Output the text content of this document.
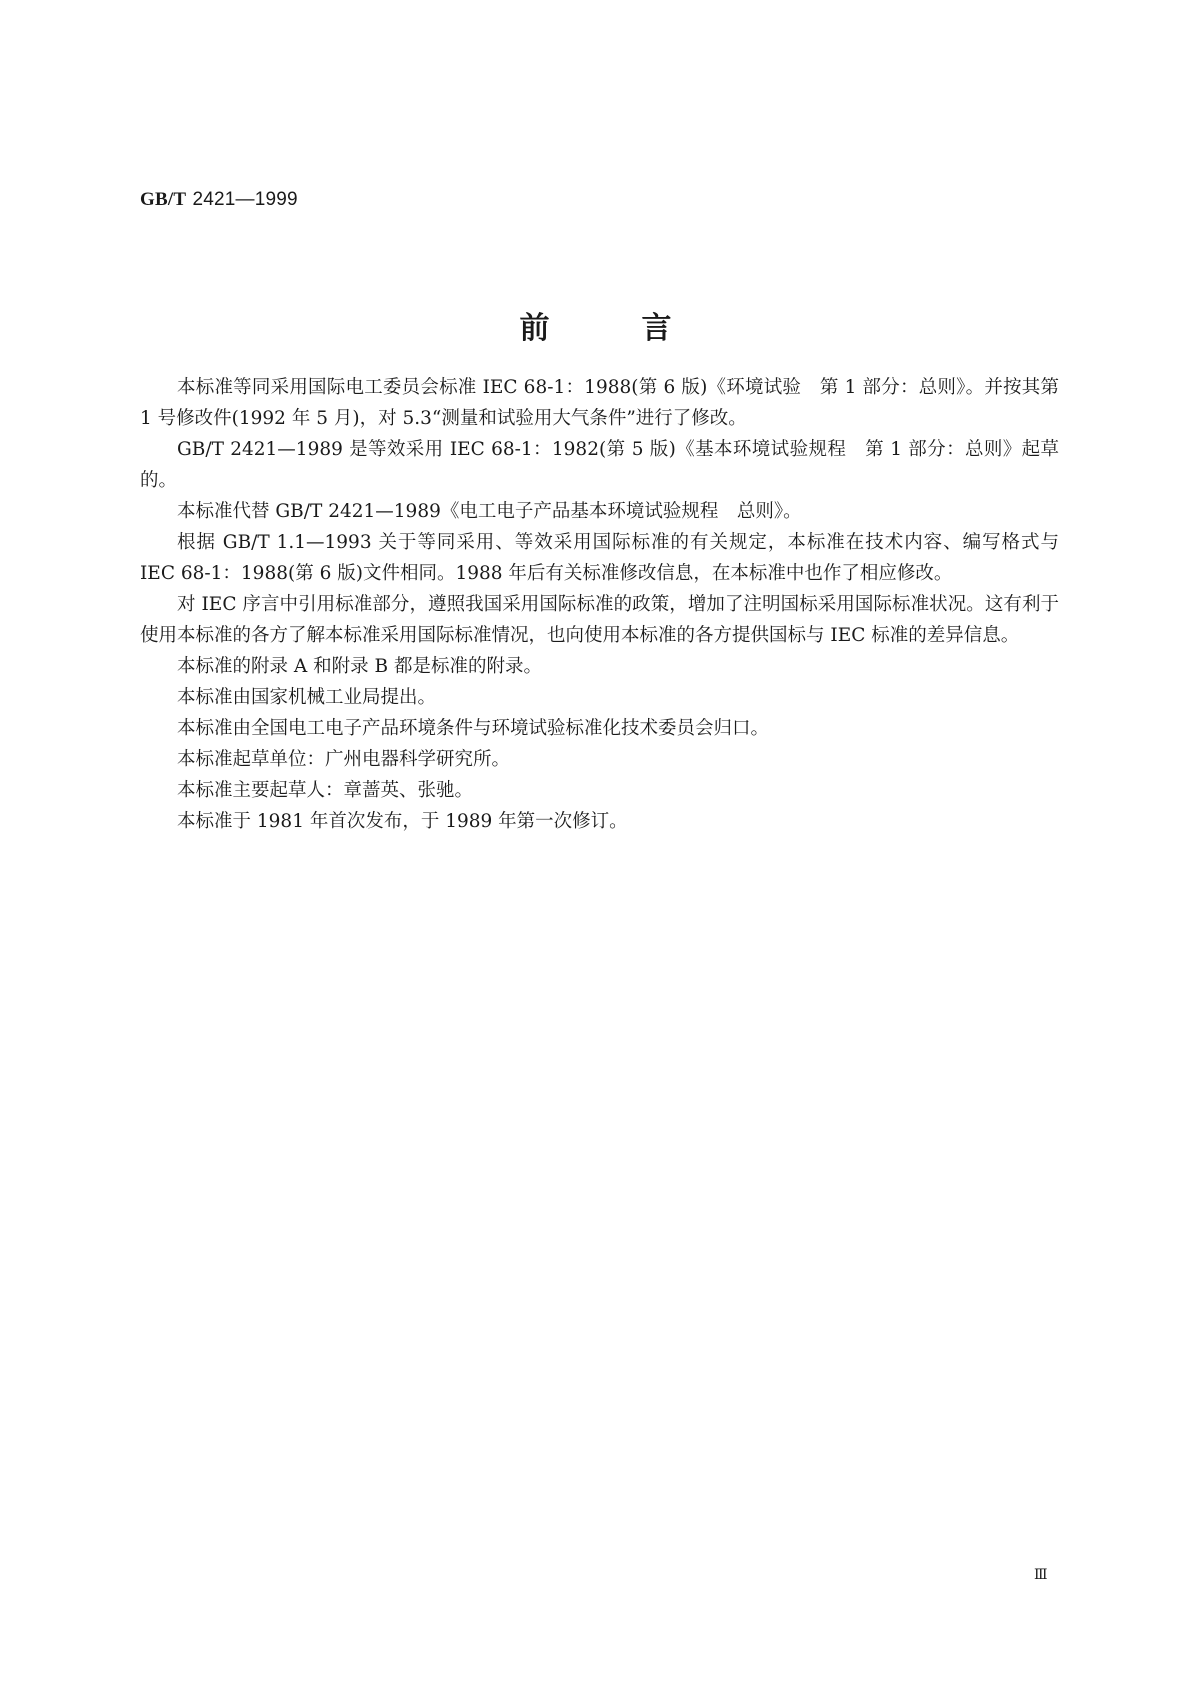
GB/T 2421—1999
前言

本标准等同采用国际电工委员会标准 IEC 68-1：1988(第 6 版)《环境试验　第 1 部分：总则》。并按其第 1 号修改件(1992 年 5 月)，对 5.3“测量和试验用大气条件”进行了修改。

GB/T 2421—1989 是等效采用 IEC 68-1：1982(第 5 版)《基本环境试验规程　第 1 部分：总则》起草的。

本标准代替 GB/T 2421—1989《电工电子产品基本环境试验规程　总则》。

根据 GB/T 1.1—1993 关于等同采用、等效采用国际标准的有关规定，本标准在技术内容、编写格式与 IEC 68-1：1988(第 6 版)文件相同。1988 年后有关标准修改信息，在本标准中也作了相应修改。

对 IEC 序言中引用标准部分，遵照我国采用国际标准的政策，增加了注明国标采用国际标准状况。这有利于使用本标准的各方了解本标准采用国际标准情况，也向使用本标准的各方提供国标与 IEC 标准的差异信息。

本标准的附录 A 和附录 B 都是标准的附录。

本标准由国家机械工业局提出。

本标准由全国电工电子产品环境条件与环境试验标准化技术委员会归口。

本标准起草单位：广州电器科学研究所。

本标准主要起草人：章蔷英、张驰。

本标准于 1981 年首次发布，于 1989 年第一次修订。

Ⅲ
